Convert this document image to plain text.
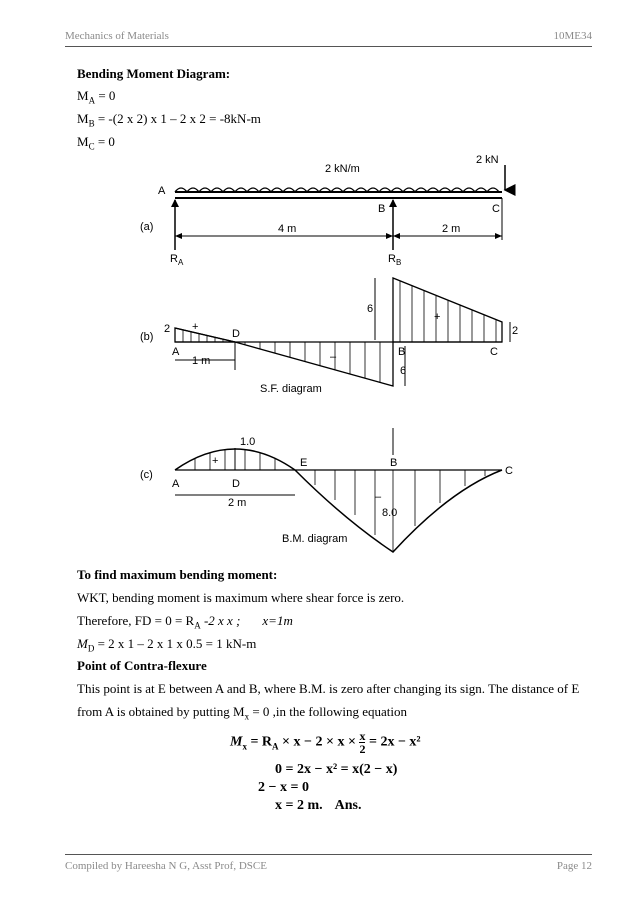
Mechanics of Materials	10ME34
Bending Moment Diagram:
$M_A = 0$
$M_B = -(2$ x 2) x 1 – 2 x 2 = -8kN-m
$M_C = 0$
2 kN/m
2 kN
A
B	C
(a)	4 m	2 m
$R_A$	$R_B$
(b)
2
A
D
1 m
+
+
–
6
6
B	C
2
S.F. diagram
(c)
+
1.0
A	D
E	B
C
2 m	–
8.0
B.M. diagram
To find maximum bending moment:
WKT, bending moment is maximum where shear force is zero.
Therefore, FD = $0 = R_A$ -2 x x ; x=1m
$M_D = 2$ x 1 – 2 x 1 x 0.5 = 1 kN-m
Point of Contra-flexure
This point is at E between A and B, where B.M. is zero after changing its sign. The distance of E
from A is obtained by putting $M_x = 0$ ,in the following equation
$M_x = R_A \times x - 2 \times x \times \frac{x}{2} = 2x - x^2$
0 = 2x − x² = x(2 − x)
2 − x = 0
x = 2 m. Ans.
Compiled by Hareesha N G, Asst Prof, DSCE	Page 12
